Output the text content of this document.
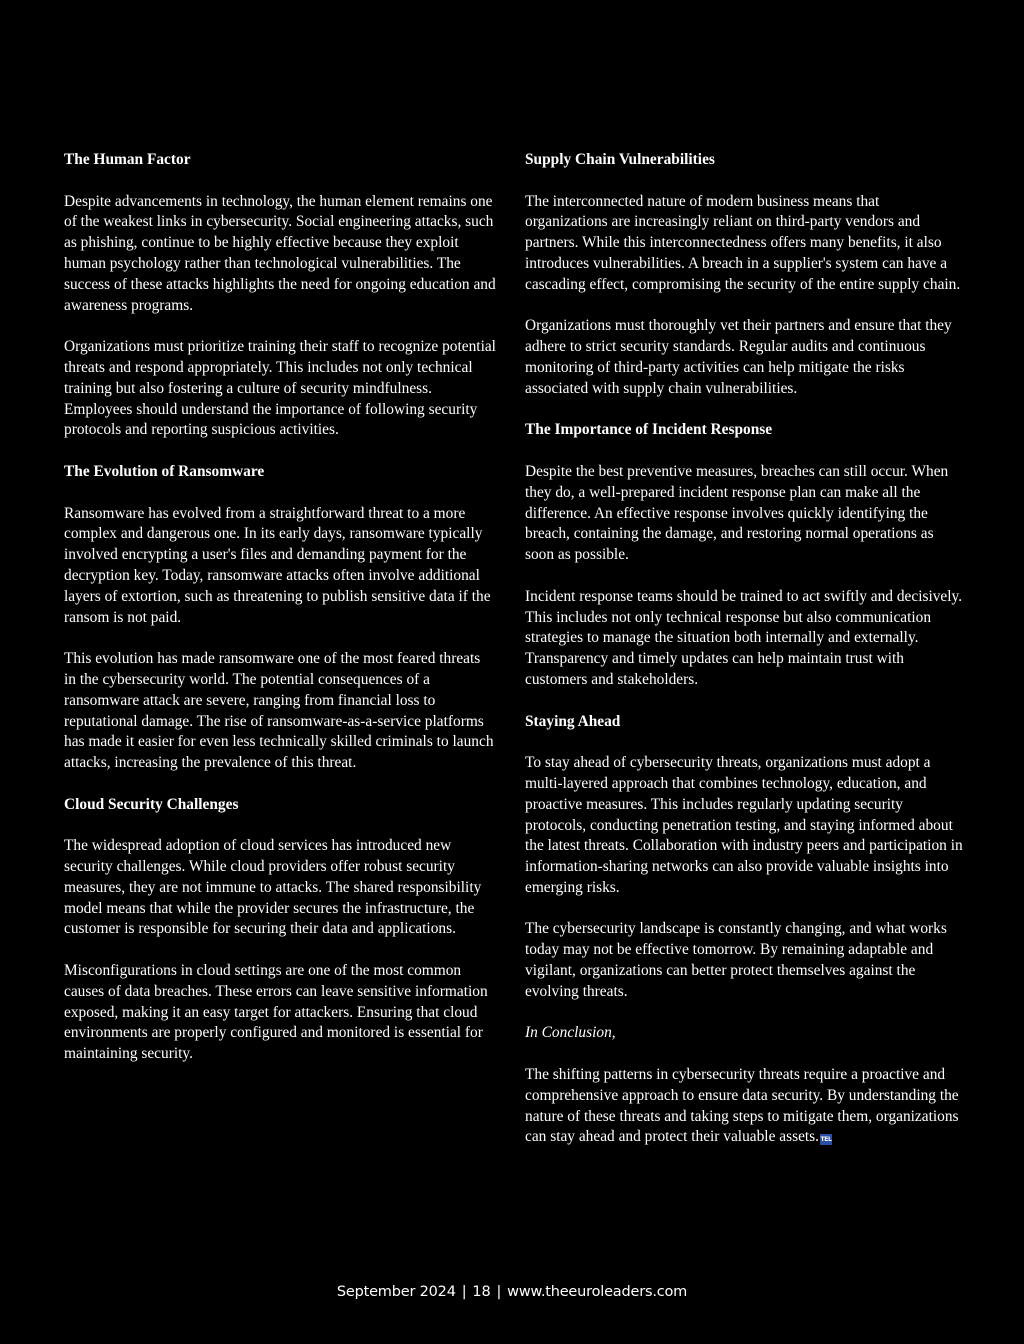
The Human Factor

Despite advancements in technology, the human element remains one of the weakest links in cybersecurity. Social engineering attacks, such as phishing, continue to be highly effective because they exploit human psychology rather than technological vulnerabilities. The success of these attacks highlights the need for ongoing education and awareness programs.

Organizations must prioritize training their staff to recognize potential threats and respond appropriately. This includes not only technical training but also fostering a culture of security mindfulness. Employees should understand the importance of following security protocols and reporting suspicious activities.

The Evolution of Ransomware

Ransomware has evolved from a straightforward threat to a more complex and dangerous one. In its early days, ransomware typically involved encrypting a user's files and demanding payment for the decryption key. Today, ransomware attacks often involve additional layers of extortion, such as threatening to publish sensitive data if the ransom is not paid.

This evolution has made ransomware one of the most feared threats in the cybersecurity world. The potential consequences of a ransomware attack are severe, ranging from financial loss to reputational damage. The rise of ransomware-as-a-service platforms has made it easier for even less technically skilled criminals to launch attacks, increasing the prevalence of this threat.

Cloud Security Challenges

The widespread adoption of cloud services has introduced new security challenges. While cloud providers offer robust security measures, they are not immune to attacks. The shared responsibility model means that while the provider secures the infrastructure, the customer is responsible for securing their data and applications.

Misconfigurations in cloud settings are one of the most common causes of data breaches. These errors can leave sensitive information exposed, making it an easy target for attackers. Ensuring that cloud environments are properly configured and monitored is essential for maintaining security.

Supply Chain Vulnerabilities

The interconnected nature of modern business means that organizations are increasingly reliant on third-party vendors and partners. While this interconnectedness offers many benefits, it also introduces vulnerabilities. A breach in a supplier's system can have a cascading effect, compromising the security of the entire supply chain.

Organizations must thoroughly vet their partners and ensure that they adhere to strict security standards. Regular audits and continuous monitoring of third-party activities can help mitigate the risks associated with supply chain vulnerabilities.

The Importance of Incident Response

Despite the best preventive measures, breaches can still occur. When they do, a well-prepared incident response plan can make all the difference. An effective response involves quickly identifying the breach, containing the damage, and restoring normal operations as soon as possible.

Incident response teams should be trained to act swiftly and decisively. This includes not only technical response but also communication strategies to manage the situation both internally and externally. Transparency and timely updates can help maintain trust with customers and stakeholders.

Staying Ahead

To stay ahead of cybersecurity threats, organizations must adopt a multi-layered approach that combines technology, education, and proactive measures. This includes regularly updating security protocols, conducting penetration testing, and staying informed about the latest threats. Collaboration with industry peers and participation in information-sharing networks can also provide valuable insights into emerging risks.

The cybersecurity landscape is constantly changing, and what works today may not be effective tomorrow. By remaining adaptable and vigilant, organizations can better protect themselves against the evolving threats.

In Conclusion,

The shifting patterns in cybersecurity threats require a proactive and comprehensive approach to ensure data security. By understanding the nature of these threats and taking steps to mitigate them, organizations can stay ahead and protect their valuable assets.TEL

September 2024 | 18 | www.theeuroleaders.com
